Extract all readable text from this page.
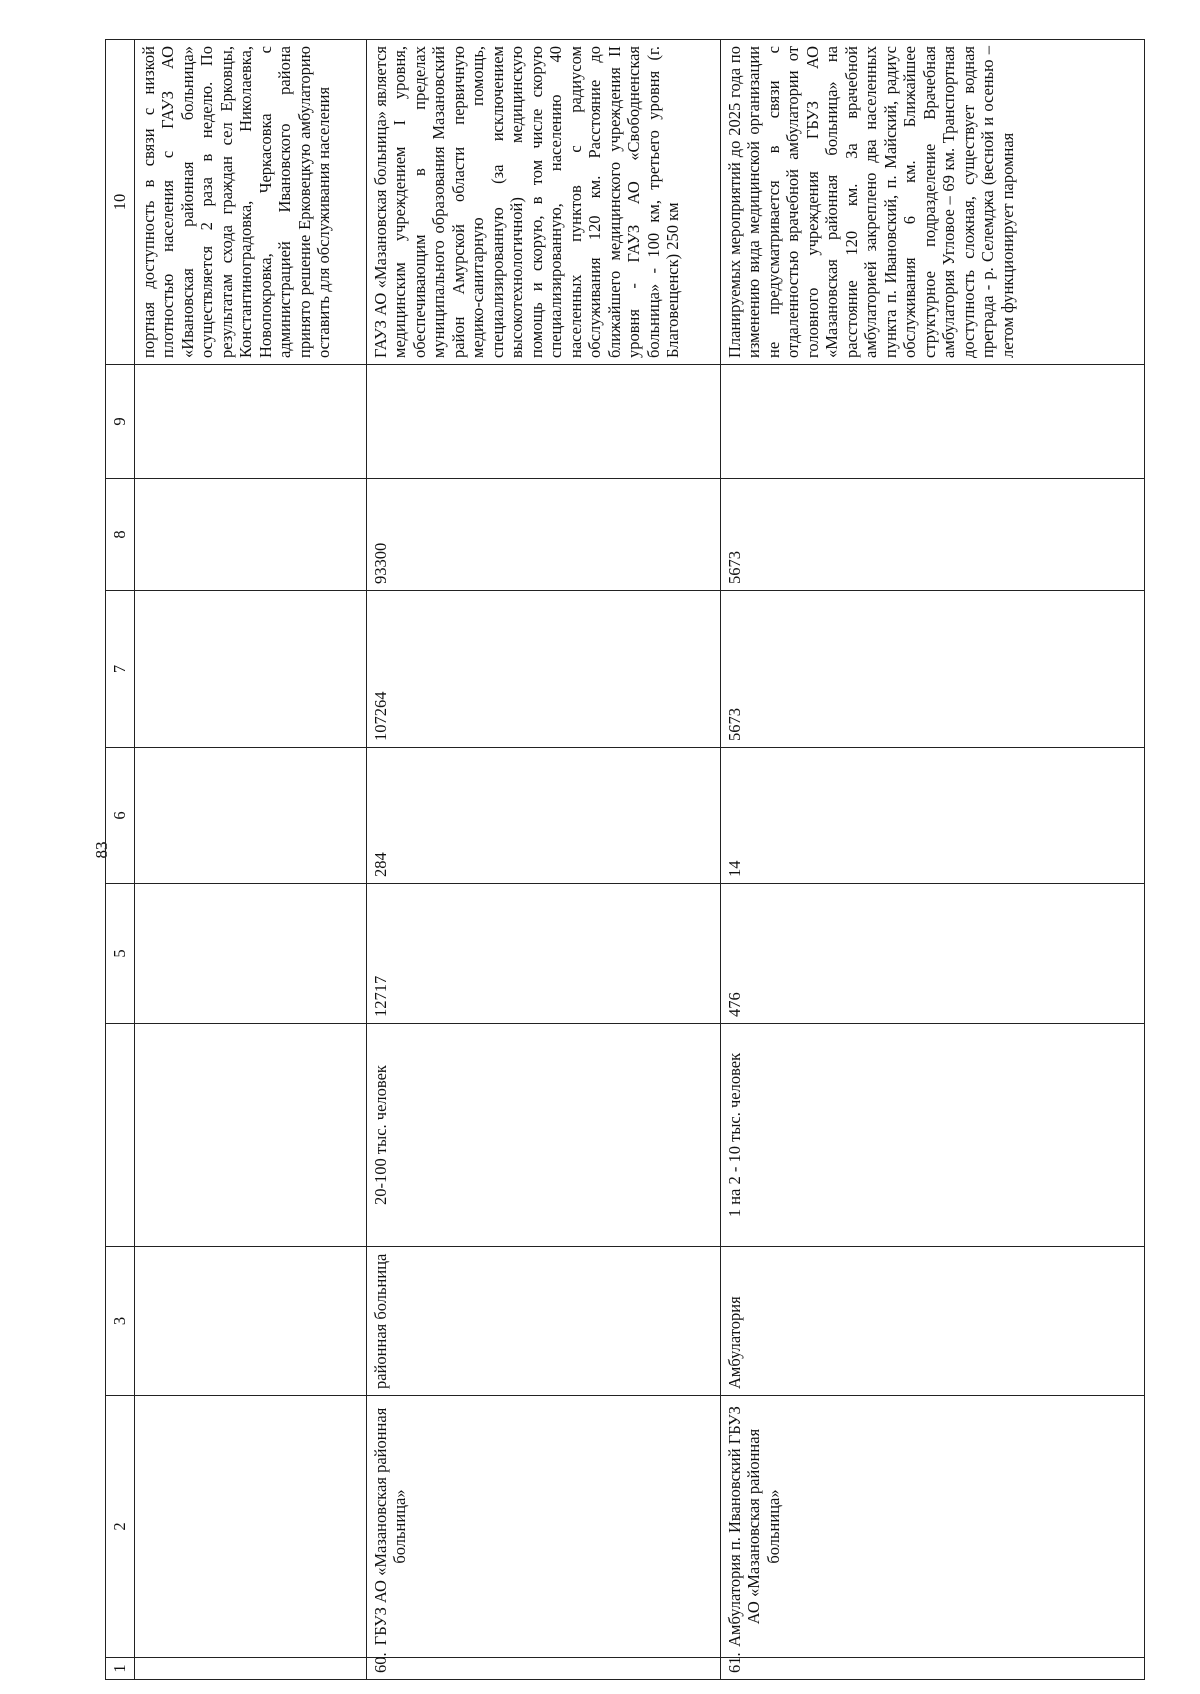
83
1	2	3		5	6	7	8	9	10
									портная доступность в связи с низкой плотностью населения с ГАУЗ АО «Ивановская районная больница» осуществляется 2 раза в неделю. По результатам схода граждан сел Ерковцы, Константиноградовка, Николаевка, Новопокровка, Черкасовка с администрацией Ивановского района принято решение Ерковецкую амбулаторию оставить для обслуживания населения
60.	ГБУЗ АО «Мазановская районная больница»	районная больница	20-100 тыс. человек	12717	284	107264	93300		ГАУЗ АО «Мазановская больница» является медицинским учреждением I уровня, обеспечивающим в пределах муниципального образования Мазановский район Амурской области первичную медико-санитарную помощь, специализированную (за исключением высокотехнологичной) медицинскую помощь и скорую, в том числе скорую специализированную, населению 40 населенных пунктов с радиусом обслуживания 120 км. Расстояние до ближайшего медицинского учреждения II уровня - ГАУЗ АО «Свободненская больница» - 100 км, третьего уровня (г. Благовещенск) 250 км
61.	Амбулатория п. Ивановский ГБУЗ АО «Мазановская районная больница»	Амбулатория	1 на 2 - 10 тыс. человек	476	14	5673	5673		Планируемых мероприятий до 2025 года по изменению вида медицинской организации не предусматривается в связи с отдаленностью врачебной амбулатории от головного учреждения ГБУЗ АО «Мазановская районная больница» на расстояние 120 км. За врачебной амбулаторией закреплено два населенных пункта п. Ивановский, п. Майский, радиус обслуживания 6 км. Ближайшее структурное подразделение Врачебная амбулатория Угловое – 69 км. Транспортная доступность сложная, существует водная преграда - р. Селемджа (весной и осенью – летом функционирует паромная
